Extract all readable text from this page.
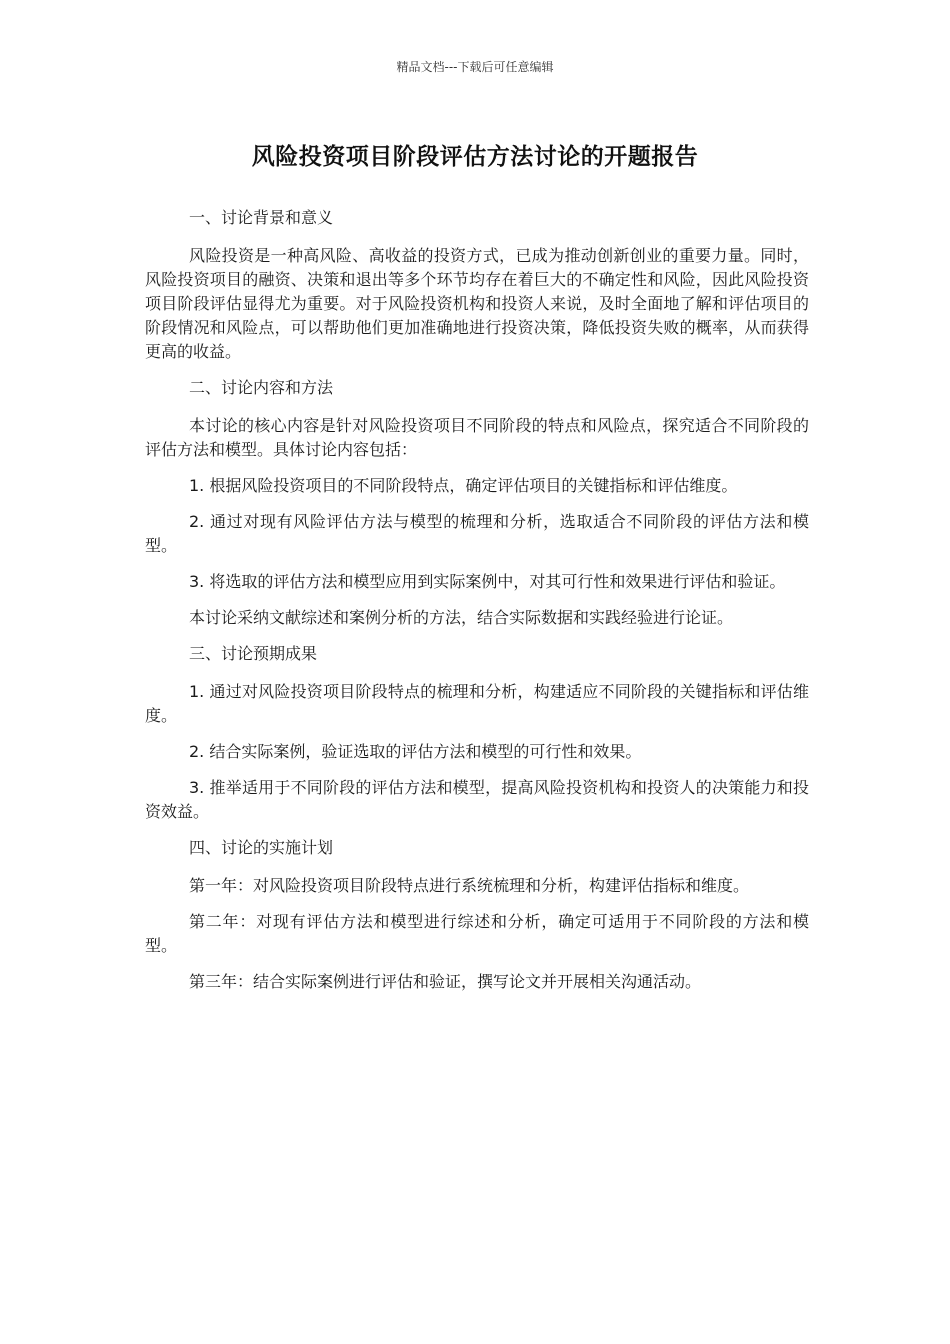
精品文档---下载后可任意编辑
风险投资项目阶段评估方法讨论的开题报告

一、讨论背景和意义

风险投资是一种高风险、高收益的投资方式，已成为推动创新创业的重要力量。同时，风险投资项目的融资、决策和退出等多个环节均存在着巨大的不确定性和风险，因此风险投资项目阶段评估显得尤为重要。对于风险投资机构和投资人来说，及时全面地了解和评估项目的阶段情况和风险点，可以帮助他们更加准确地进行投资决策，降低投资失败的概率，从而获得更高的收益。

二、讨论内容和方法

本讨论的核心内容是针对风险投资项目不同阶段的特点和风险点，探究适合不同阶段的评估方法和模型。具体讨论内容包括：

1. 根据风险投资项目的不同阶段特点，确定评估项目的关键指标和评估维度。

2. 通过对现有风险评估方法与模型的梳理和分析，选取适合不同阶段的评估方法和模型。

3. 将选取的评估方法和模型应用到实际案例中，对其可行性和效果进行评估和验证。

本讨论采纳文献综述和案例分析的方法，结合实际数据和实践经验进行论证。

三、讨论预期成果

1. 通过对风险投资项目阶段特点的梳理和分析，构建适应不同阶段的关键指标和评估维度。

2. 结合实际案例，验证选取的评估方法和模型的可行性和效果。

3. 推举适用于不同阶段的评估方法和模型，提高风险投资机构和投资人的决策能力和投资效益。

四、讨论的实施计划

第一年：对风险投资项目阶段特点进行系统梳理和分析，构建评估指标和维度。

第二年：对现有评估方法和模型进行综述和分析，确定可适用于不同阶段的方法和模型。

第三年：结合实际案例进行评估和验证，撰写论文并开展相关沟通活动。
